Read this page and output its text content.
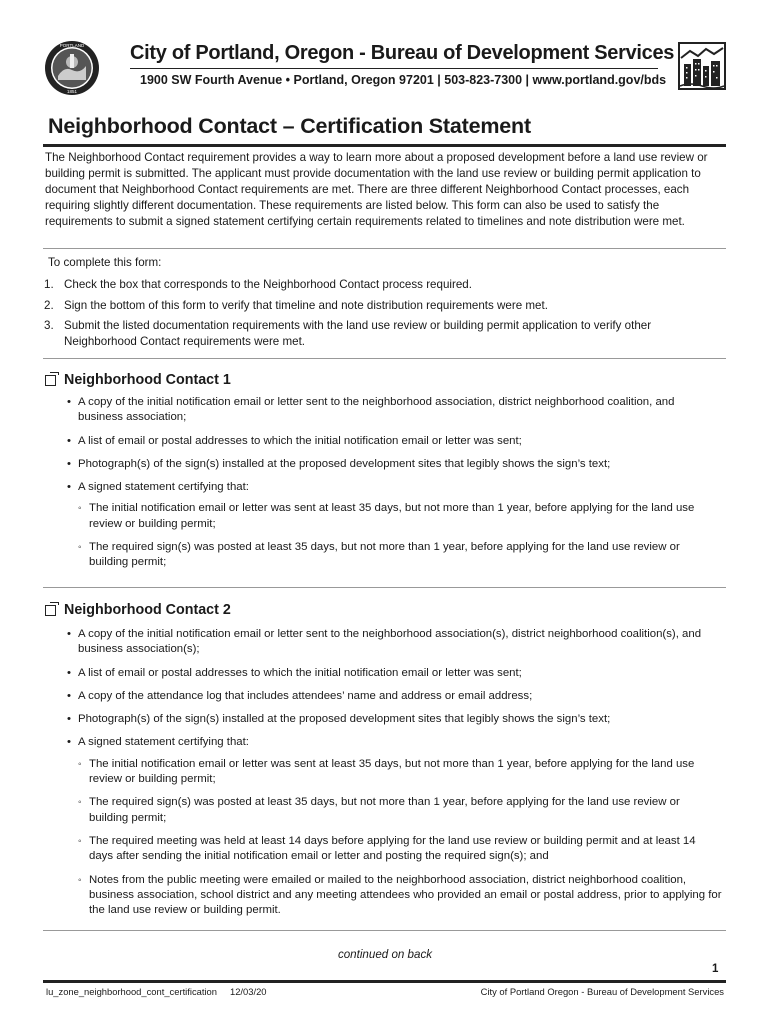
PORTLAND
1851
City of Portland, Oregon - Bureau of Development Services
1900 SW Fourth Avenue • Portland, Oregon 97201 | 503-823-7300 | www.portland.gov/bds
Neighborhood Contact – Certification Statement
The Neighborhood Contact requirement provides a way to learn more about a proposed development before a land use review or building permit is submitted. The applicant must provide documentation with the land use review or building permit application to document that Neighborhood Contact requirements are met. There are three different Neighborhood Contact processes, each requiring slightly different documentation. These requirements are listed below. This form can also be used to satisfy the requirements to submit a signed statement certifying certain requirements related to timelines and note distribution were met.
To complete this form:
1. Check the box that corresponds to the Neighborhood Contact process required.
2. Sign the bottom of this form to verify that timeline and note distribution requirements were met.
3. Submit the listed documentation requirements with the land use review or building permit application to verify other Neighborhood Contact requirements were met.
Neighborhood Contact 1
• A copy of the initial notification email or letter sent to the neighborhood association, district neighborhood coalition, and business association;
• A list of email or postal addresses to which the initial notification email or letter was sent;
• Photograph(s) of the sign(s) installed at the proposed development sites that legibly shows the sign’s text;
• A signed statement certifying that:
◦ The initial notification email or letter was sent at least 35 days, but not more than 1 year, before applying for the land use review or building permit;
◦ The required sign(s) was posted at least 35 days, but not more than 1 year, before applying for the land use review or building permit;
Neighborhood Contact 2
• A copy of the initial notification email or letter sent to the neighborhood association(s), district neighborhood coalition(s), and business association(s);
• A list of email or postal addresses to which the initial notification email or letter was sent;
• A copy of the attendance log that includes attendees’ name and address or email address;
• Photograph(s) of the sign(s) installed at the proposed development sites that legibly shows the sign’s text;
• A signed statement certifying that:
◦ The initial notification email or letter was sent at least 35 days, but not more than 1 year, before applying for the land use review or building permit;
◦ The required sign(s) was posted at least 35 days, but not more than 1 year, before applying for the land use review or building permit;
◦ The required meeting was held at least 14 days before applying for the land use review or building permit and at least 14 days after sending the initial notification email or letter and posting the required sign(s); and
◦ Notes from the public meeting were emailed or mailed to the neighborhood association, district neighborhood coalition, business association, school district and any meeting attendees who provided an email or postal address, prior to applying for the land use review or building permit.
continued on back
1
lu_zone_neighborhood_cont_certification 12/03/20	City of Portland Oregon - Bureau of Development Services
